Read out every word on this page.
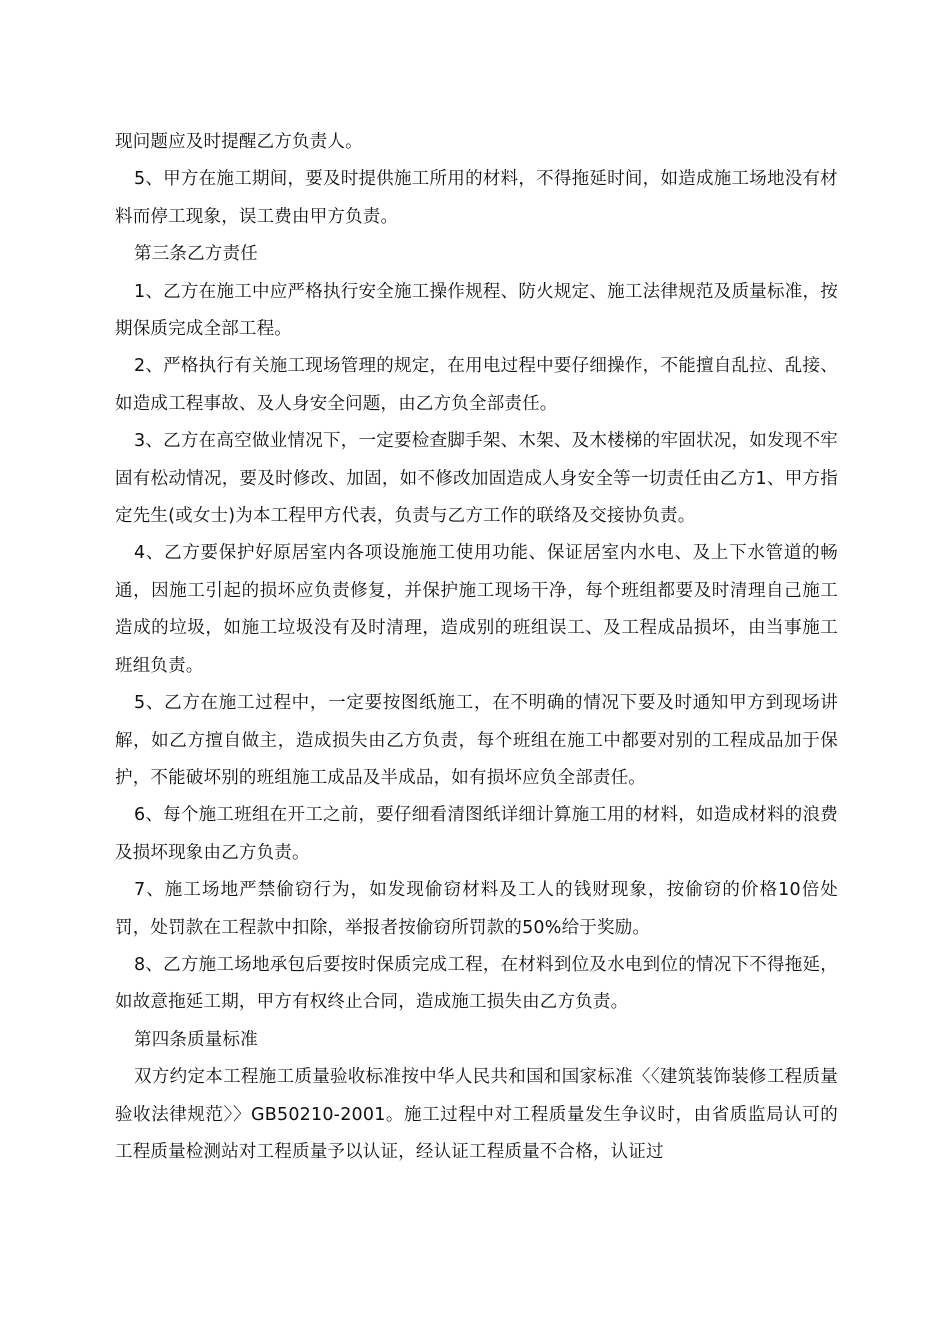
现问题应及时提醒乙方负责人。

5、甲方在施工期间，要及时提供施工所用的材料，不得拖延时间，如造成施工场地没有材料而停工现象，误工费由甲方负责。

第三条乙方责任

1、乙方在施工中应严格执行安全施工操作规程、防火规定、施工法律规范及质量标准，按期保质完成全部工程。

2、严格执行有关施工现场管理的规定，在用电过程中要仔细操作，不能擅自乱拉、乱接、如造成工程事故、及人身安全问题，由乙方负全部责任。

3、乙方在高空做业情况下，一定要检查脚手架、木架、及木楼梯的牢固状况，如发现不牢固有松动情况，要及时修改、加固，如不修改加固造成人身安全等一切责任由乙方1、甲方指定先生(或女士)为本工程甲方代表，负责与乙方工作的联络及交接协负责。

4、乙方要保护好原居室内各项设施施工使用功能、保证居室内水电、及上下水管道的畅通，因施工引起的损坏应负责修复，并保护施工现场干净，每个班组都要及时清理自己施工造成的垃圾，如施工垃圾没有及时清理，造成别的班组误工、及工程成品损坏，由当事施工班组负责。

5、乙方在施工过程中，一定要按图纸施工，在不明确的情况下要及时通知甲方到现场讲解，如乙方擅自做主，造成损失由乙方负责，每个班组在施工中都要对别的工程成品加于保护，不能破坏别的班组施工成品及半成品，如有损坏应负全部责任。

6、每个施工班组在开工之前，要仔细看清图纸详细计算施工用的材料，如造成材料的浪费及损坏现象由乙方负责。

7、施工场地严禁偷窃行为，如发现偷窃材料及工人的钱财现象，按偷窃的价格10倍处罚，处罚款在工程款中扣除，举报者按偷窃所罚款的50%给于奖励。

8、乙方施工场地承包后要按时保质完成工程，在材料到位及水电到位的情况下不得拖延，如故意拖延工期，甲方有权终止合同，造成施工损失由乙方负责。

第四条质量标准

双方约定本工程施工质量验收标准按中华人民共和国和国家标准〈〈建筑装饰装修工程质量验收法律规范〉〉GB50210-2001。施工过程中对工程质量发生争议时，由省质监局认可的工程质量检测站对工程质量予以认证，经认证工程质量不合格，认证过
